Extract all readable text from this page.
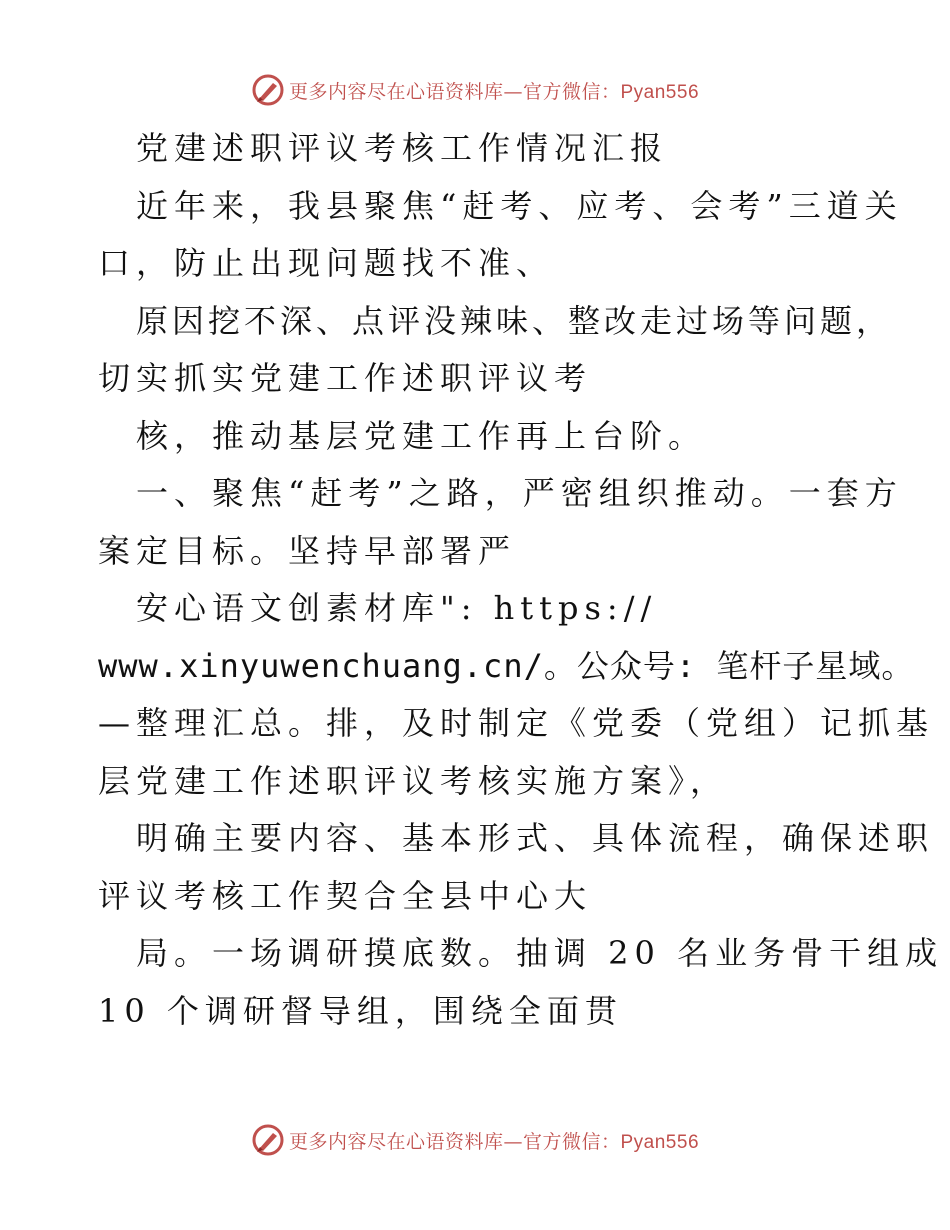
更多内容尽在心语资料库—官方微信：Pyan556
党建述职评议考核工作情况汇报
近年来，我县聚焦“赶考、应考、会考”三道关
口，防止出现问题找不准、
原因挖不深、点评没辣味、整改走过场等问题，
切实抓实党建工作述职评议考
核，推动基层党建工作再上台阶。
一、聚焦“赶考”之路，严密组织推动。一套方
案定目标。坚持早部署严
安心语文创素材库": https://
www.xinyuwenchuang.cn/。公众号: 笔杆子星域。
—整理汇总。排，及时制定《党委（党组）记抓基
层党建工作述职评议考核实施方案》，
明确主要内容、基本形式、具体流程，确保述职
评议考核工作契合全县中心大
局。一场调研摸底数。抽调 20 名业务骨干组成
10 个调研督导组，围绕全面贯
更多内容尽在心语资料库—官方微信：Pyan556
